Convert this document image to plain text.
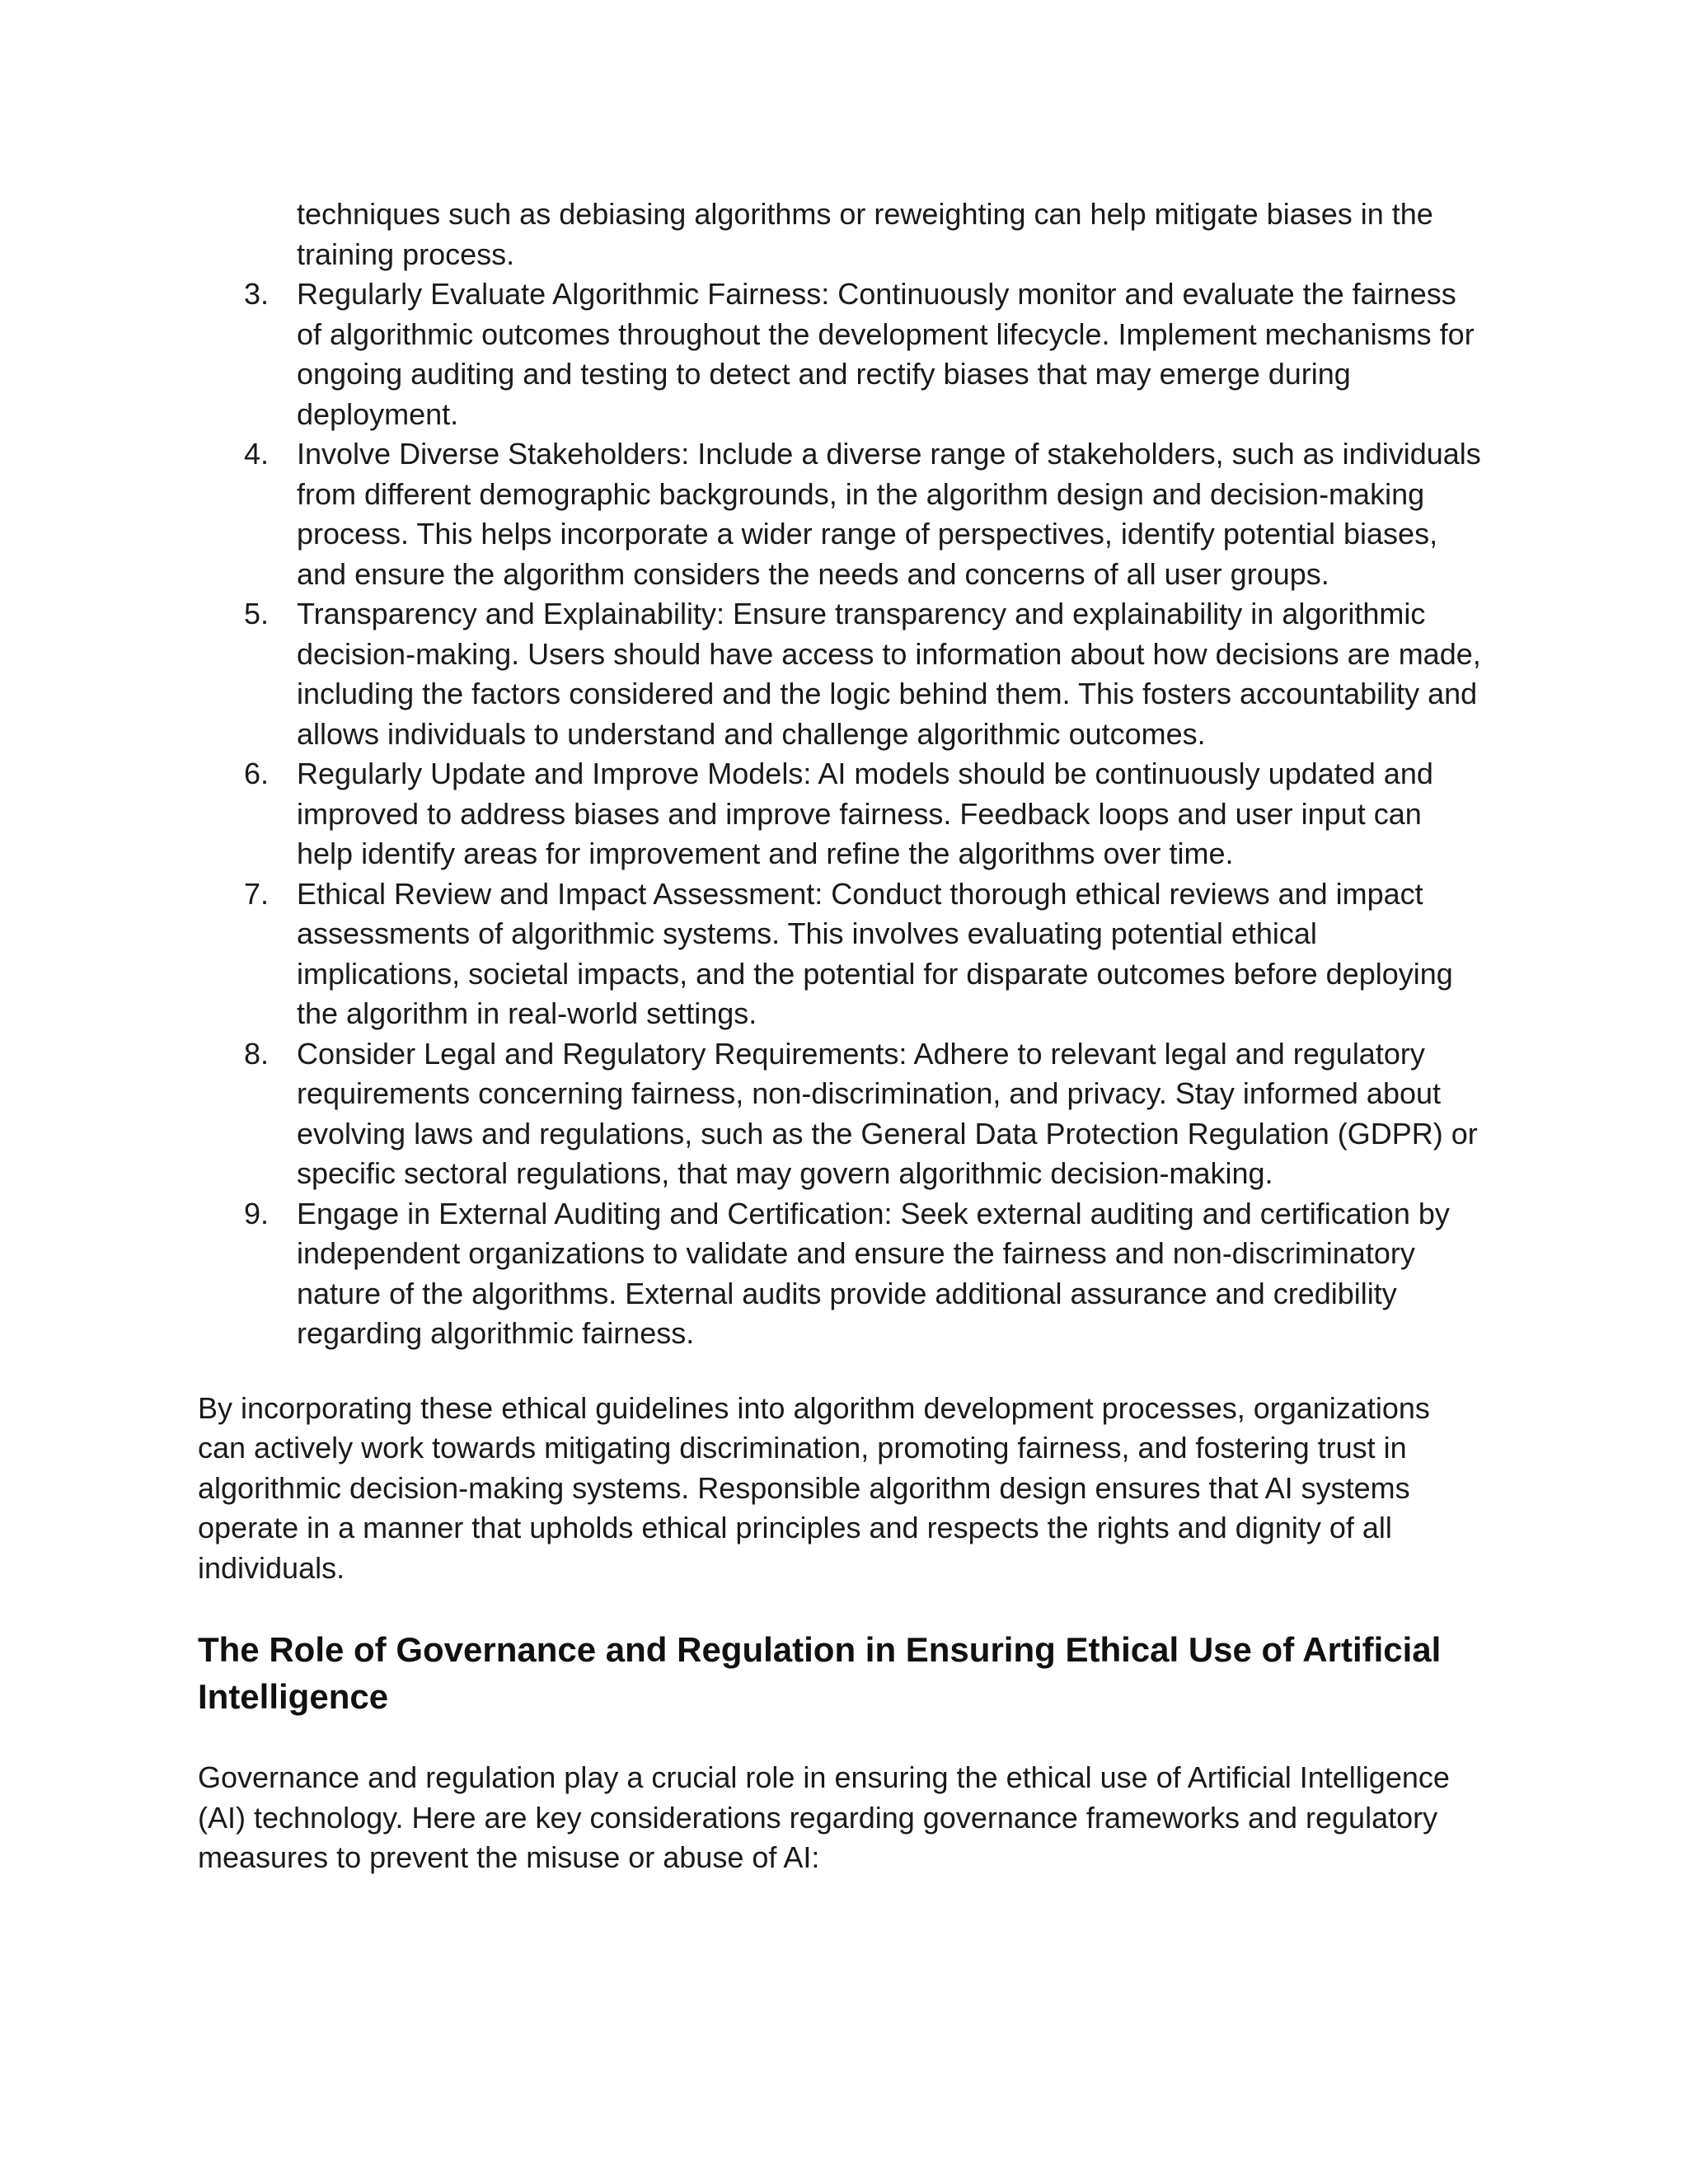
techniques such as debiasing algorithms or reweighting can help mitigate biases in the training process.

3. Regularly Evaluate Algorithmic Fairness: Continuously monitor and evaluate the fairness of algorithmic outcomes throughout the development lifecycle. Implement mechanisms for ongoing auditing and testing to detect and rectify biases that may emerge during deployment.
4. Involve Diverse Stakeholders: Include a diverse range of stakeholders, such as individuals from different demographic backgrounds, in the algorithm design and decision-making process. This helps incorporate a wider range of perspectives, identify potential biases, and ensure the algorithm considers the needs and concerns of all user groups.
5. Transparency and Explainability: Ensure transparency and explainability in algorithmic decision-making. Users should have access to information about how decisions are made, including the factors considered and the logic behind them. This fosters accountability and allows individuals to understand and challenge algorithmic outcomes.
6. Regularly Update and Improve Models: AI models should be continuously updated and improved to address biases and improve fairness. Feedback loops and user input can help identify areas for improvement and refine the algorithms over time.
7. Ethical Review and Impact Assessment: Conduct thorough ethical reviews and impact assessments of algorithmic systems. This involves evaluating potential ethical implications, societal impacts, and the potential for disparate outcomes before deploying the algorithm in real-world settings.
8. Consider Legal and Regulatory Requirements: Adhere to relevant legal and regulatory requirements concerning fairness, non-discrimination, and privacy. Stay informed about evolving laws and regulations, such as the General Data Protection Regulation (GDPR) or specific sectoral regulations, that may govern algorithmic decision-making.
9. Engage in External Auditing and Certification: Seek external auditing and certification by independent organizations to validate and ensure the fairness and non-discriminatory nature of the algorithms. External audits provide additional assurance and credibility regarding algorithmic fairness.

By incorporating these ethical guidelines into algorithm development processes, organizations can actively work towards mitigating discrimination, promoting fairness, and fostering trust in algorithmic decision-making systems. Responsible algorithm design ensures that AI systems operate in a manner that upholds ethical principles and respects the rights and dignity of all individuals.

The Role of Governance and Regulation in Ensuring Ethical Use of Artificial Intelligence

Governance and regulation play a crucial role in ensuring the ethical use of Artificial Intelligence (AI) technology. Here are key considerations regarding governance frameworks and regulatory measures to prevent the misuse or abuse of AI:
